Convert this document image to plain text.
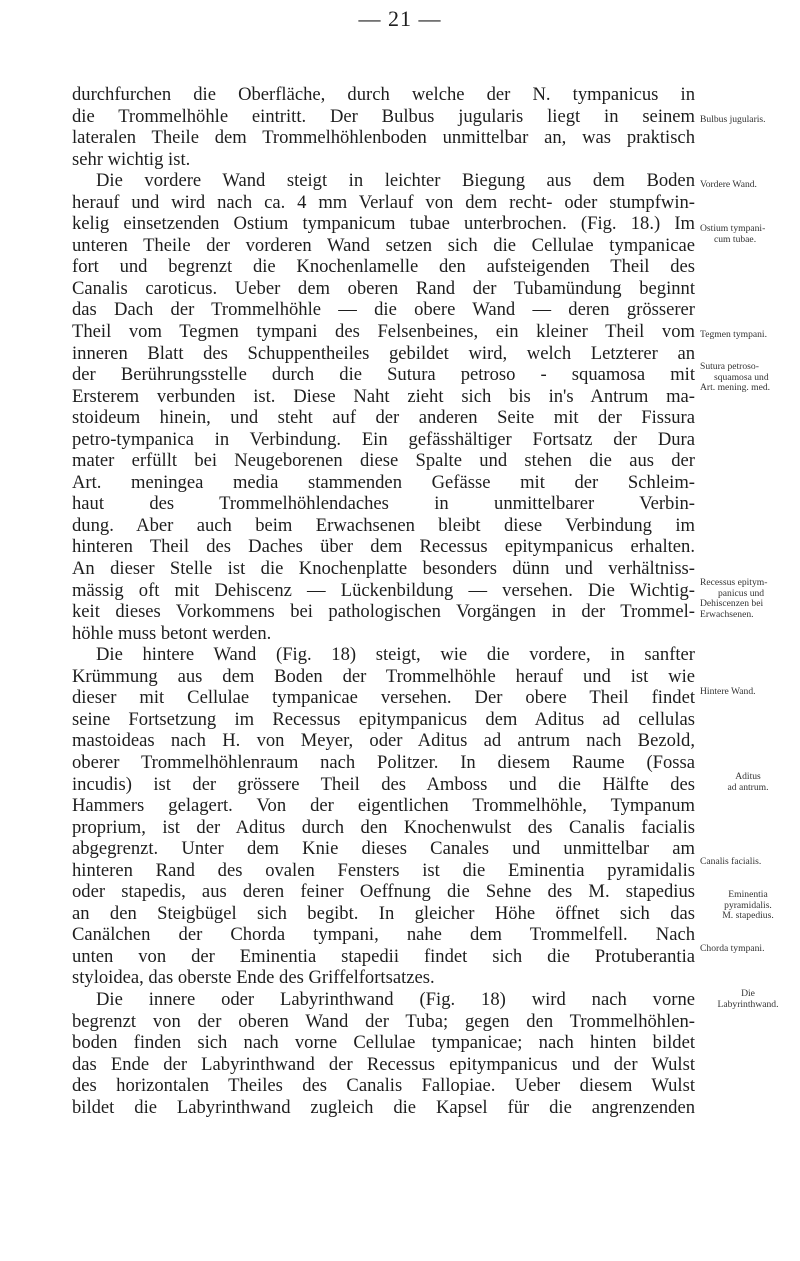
— 21 —
durchfurchen die Oberfläche, durch welche der N. tympanicus in
die Trommelhöhle eintritt. Der Bulbus jugularis liegt in seinem
lateralen Theile dem Trommelhöhlenboden unmittelbar an, was praktisch
sehr wichtig ist.
Die vordere Wand steigt in leichter Biegung aus dem Boden
herauf und wird nach ca. 4 mm Verlauf von dem recht- oder stumpfwin-
kelig einsetzenden Ostium tympanicum tubae unterbrochen. (Fig. 18.) Im
unteren Theile der vorderen Wand setzen sich die Cellulae tympanicae
fort und begrenzt die Knochenlamelle den aufsteigenden Theil des
Canalis caroticus. Ueber dem oberen Rand der Tubamündung beginnt
das Dach der Trommelhöhle — die obere Wand — deren grösserer
Theil vom Tegmen tympani des Felsenbeines, ein kleiner Theil vom
inneren Blatt des Schuppentheiles gebildet wird, welch Letzterer an
der Berührungsstelle durch die Sutura petroso - squamosa mit
Ersterem verbunden ist. Diese Naht zieht sich bis in's Antrum ma-
stoideum hinein, und steht auf der anderen Seite mit der Fissura
petro-tympanica in Verbindung. Ein gefässhältiger Fortsatz der Dura
mater erfüllt bei Neugeborenen diese Spalte und stehen die aus der
Art. meningea media stammenden Gefässe mit der Schleim-
haut des Trommelhöhlendaches in unmittelbarer Verbin-
dung. Aber auch beim Erwachsenen bleibt diese Verbindung im
hinteren Theil des Daches über dem Recessus epitympanicus erhalten.
An dieser Stelle ist die Knochenplatte besonders dünn und verhältniss-
mässig oft mit Dehiscenz — Lückenbildung — versehen. Die Wichtig-
keit dieses Vorkommens bei pathologischen Vorgängen in der Trommel-
höhle muss betont werden.
Die hintere Wand (Fig. 18) steigt, wie die vordere, in sanfter
Krümmung aus dem Boden der Trommelhöhle herauf und ist wie
dieser mit Cellulae tympanicae versehen. Der obere Theil findet
seine Fortsetzung im Recessus epitympanicus dem Aditus ad cellulas
mastoideas nach H. von Meyer, oder Aditus ad antrum nach Bezold,
oberer Trommelhöhlenraum nach Politzer. In diesem Raume (Fossa
incudis) ist der grössere Theil des Amboss und die Hälfte des
Hammers gelagert. Von der eigentlichen Trommelhöhle, Tympanum
proprium, ist der Aditus durch den Knochenwulst des Canalis facialis
abgegrenzt. Unter dem Knie dieses Canales und unmittelbar am
hinteren Rand des ovalen Fensters ist die Eminentia pyramidalis
oder stapedis, aus deren feiner Oeffnung die Sehne des M. stapedius
an den Steigbügel sich begibt. In gleicher Höhe öffnet sich das
Canälchen der Chorda tympani, nahe dem Trommelfell. Nach
unten von der Eminentia stapedii findet sich die Protuberantia
styloidea, das oberste Ende des Griffelfortsatzes.
Die innere oder Labyrinthwand (Fig. 18) wird nach vorne
begrenzt von der oberen Wand der Tuba; gegen den Trommelhöhlen-
boden finden sich nach vorne Cellulae tympanicae; nach hinten bildet
das Ende der Labyrinthwand der Recessus epitympanicus und der Wulst
des horizontalen Theiles des Canalis Fallopiae. Ueber diesem Wulst
bildet die Labyrinthwand zugleich die Kapsel für die angrenzenden
Bulbus jugularis.
Vordere Wand.
Ostium tympani-
cum tubae.
Tegmen tympani.
Sutura petroso-
squamosa und
Art. mening. med.
Recessus epitym-
panicus und
Dehiscenzen bei
Erwachsenen.
Hintere Wand.
Aditus
ad antrum.
Canalis facialis.
Eminentia
pyramidalis.
M. stapedius.
Chorda tympani.
Die
Labyrinthwand.
